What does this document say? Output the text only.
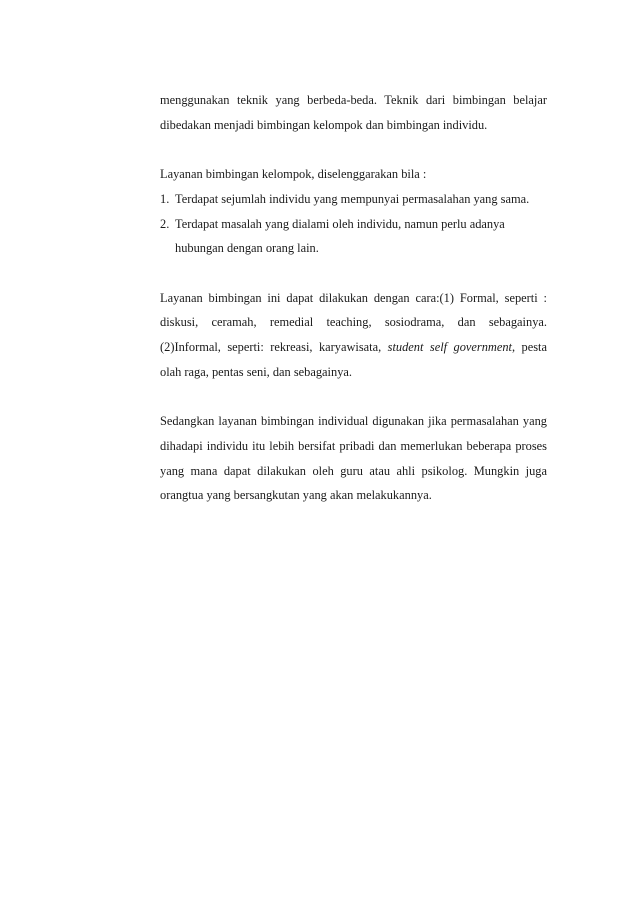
menggunakan teknik yang berbeda-beda. Teknik dari bimbingan belajar dibedakan menjadi bimbingan kelompok dan bimbingan individu.

Layanan bimbingan kelompok, diselenggarakan bila :

1. Terdapat sejumlah individu yang mempunyai permasalahan yang sama.
2. Terdapat masalah yang dialami oleh individu, namun perlu adanya

hubungan dengan orang lain.

Layanan bimbingan ini dapat dilakukan dengan cara:(1) Formal, seperti : diskusi, ceramah, remedial teaching, sosiodrama, dan sebagainya. (2)Informal, seperti: rekreasi, karyawisata, student self government, pesta olah raga, pentas seni, dan sebagainya.

Sedangkan layanan bimbingan individual digunakan jika permasalahan yang dihadapi individu itu lebih bersifat pribadi dan memerlukan beberapa proses yang mana dapat dilakukan oleh guru atau ahli psikolog. Mungkin juga orangtua yang bersangkutan yang akan melakukannya.
